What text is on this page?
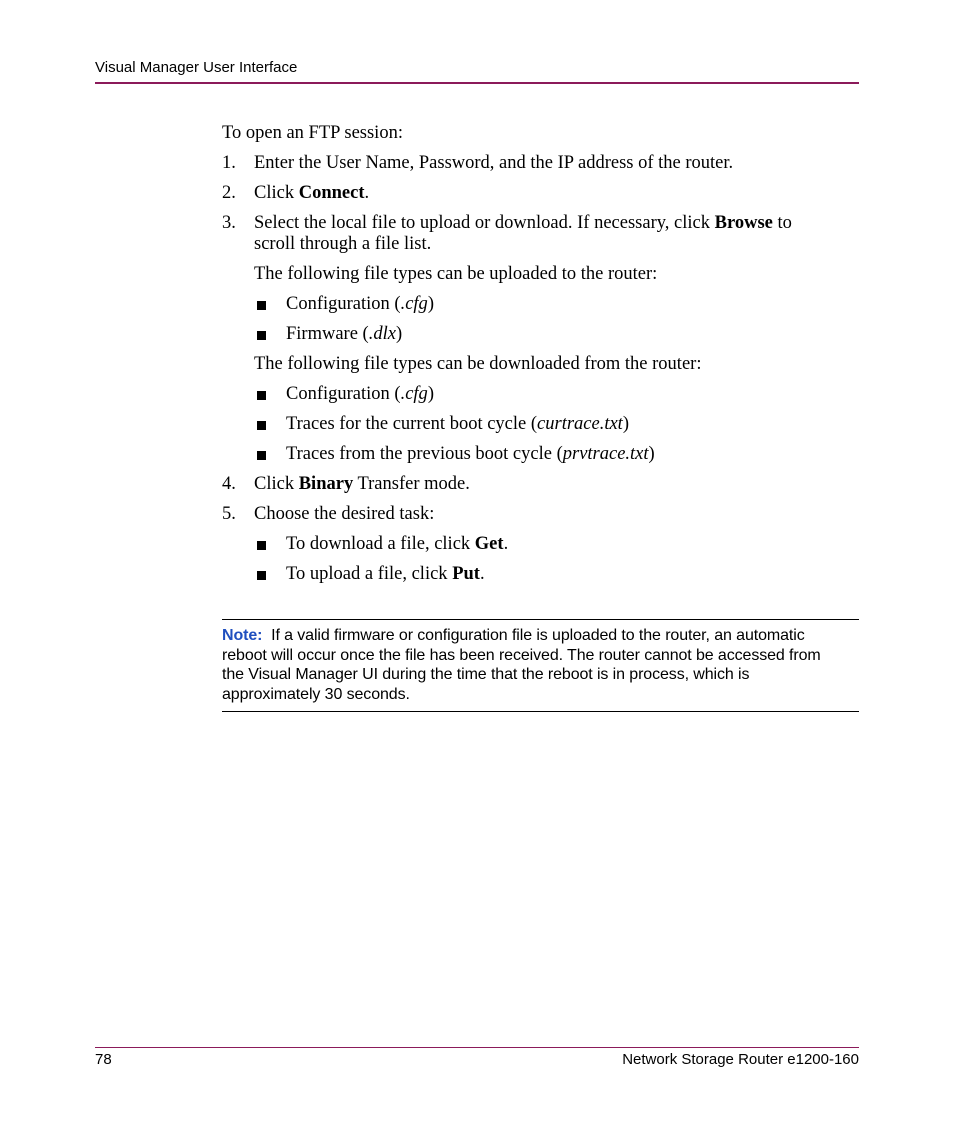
Visual Manager User Interface
To open an FTP session:
1. Enter the User Name, Password, and the IP address of the router.
2. Click Connect.
3. Select the local file to upload or download. If necessary, click Browse to
scroll through a file list.
The following file types can be uploaded to the router:
Configuration (.cfg)
Firmware (.dlx)
The following file types can be downloaded from the router:
Configuration (.cfg)
Traces for the current boot cycle (curtrace.txt)
Traces from the previous boot cycle (prvtrace.txt)
4. Click Binary Transfer mode.
5. Choose the desired task:
To download a file, click Get.
To upload a file, click Put.
Note: If a valid firmware or configuration file is uploaded to the router, an automatic
reboot will occur once the file has been received. The router cannot be accessed from
the Visual Manager UI during the time that the reboot is in process, which is
approximately 30 seconds.
78	Network Storage Router e1200-160
